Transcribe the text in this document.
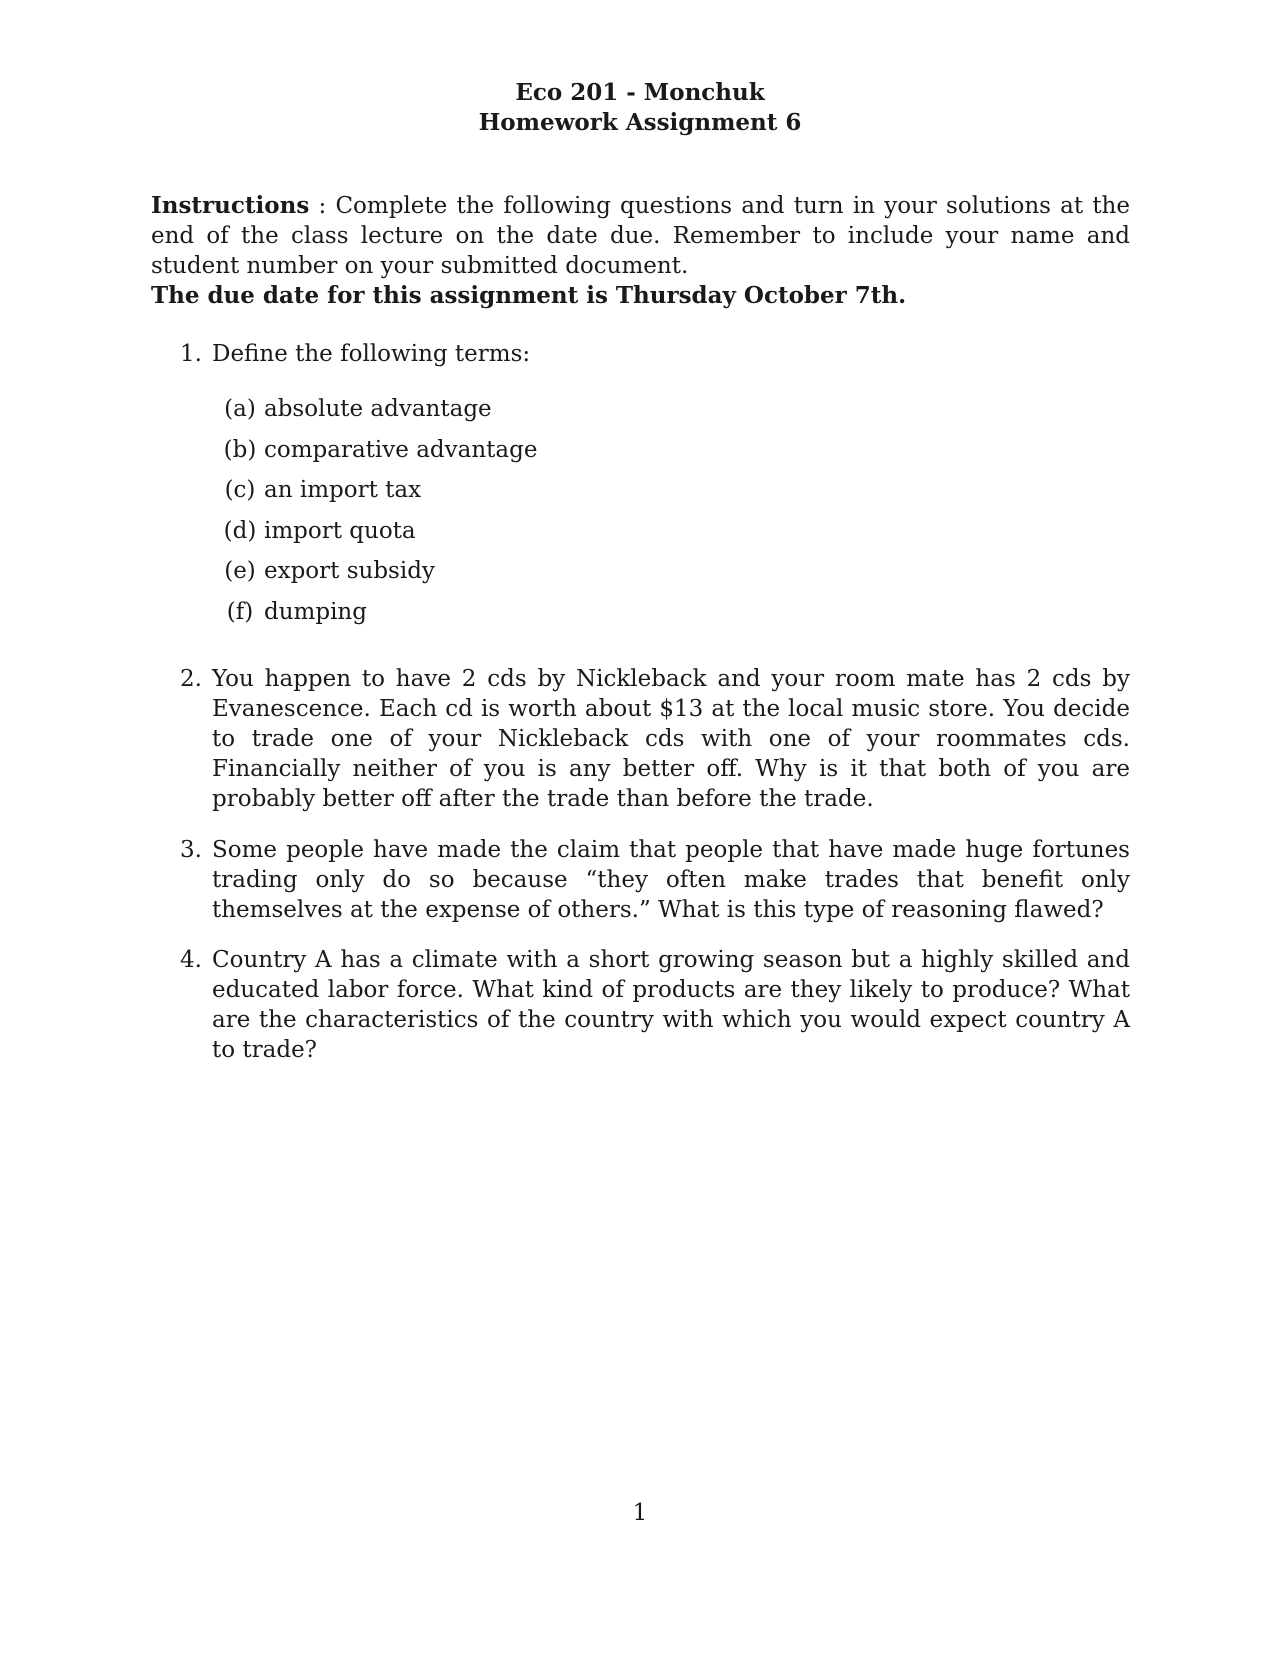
Eco 201 - Monchuk
Homework Assignment 6
Instructions : Complete the following questions and turn in your solutions at the end of the class lecture on the date due. Remember to include your name and student number on your submitted document.
The due date for this assignment is Thursday October 7th.
1. Define the following terms:
(a) absolute advantage
(b) comparative advantage
(c) an import tax
(d) import quota
(e) export subsidy
(f) dumping
2. You happen to have 2 cds by Nickleback and your room mate has 2 cds by Evanescence. Each cd is worth about $13 at the local music store. You decide to trade one of your Nickleback cds with one of your roommates cds. Financially neither of you is any better off. Why is it that both of you are probably better off after the trade than before the trade.
3. Some people have made the claim that people that have made huge fortunes trading only do so because “they often make trades that benefit only themselves at the expense of others.” What is this type of reasoning flawed?
4. Country A has a climate with a short growing season but a highly skilled and educated labor force. What kind of products are they likely to produce? What are the characteristics of the country with which you would expect country A to trade?
1
